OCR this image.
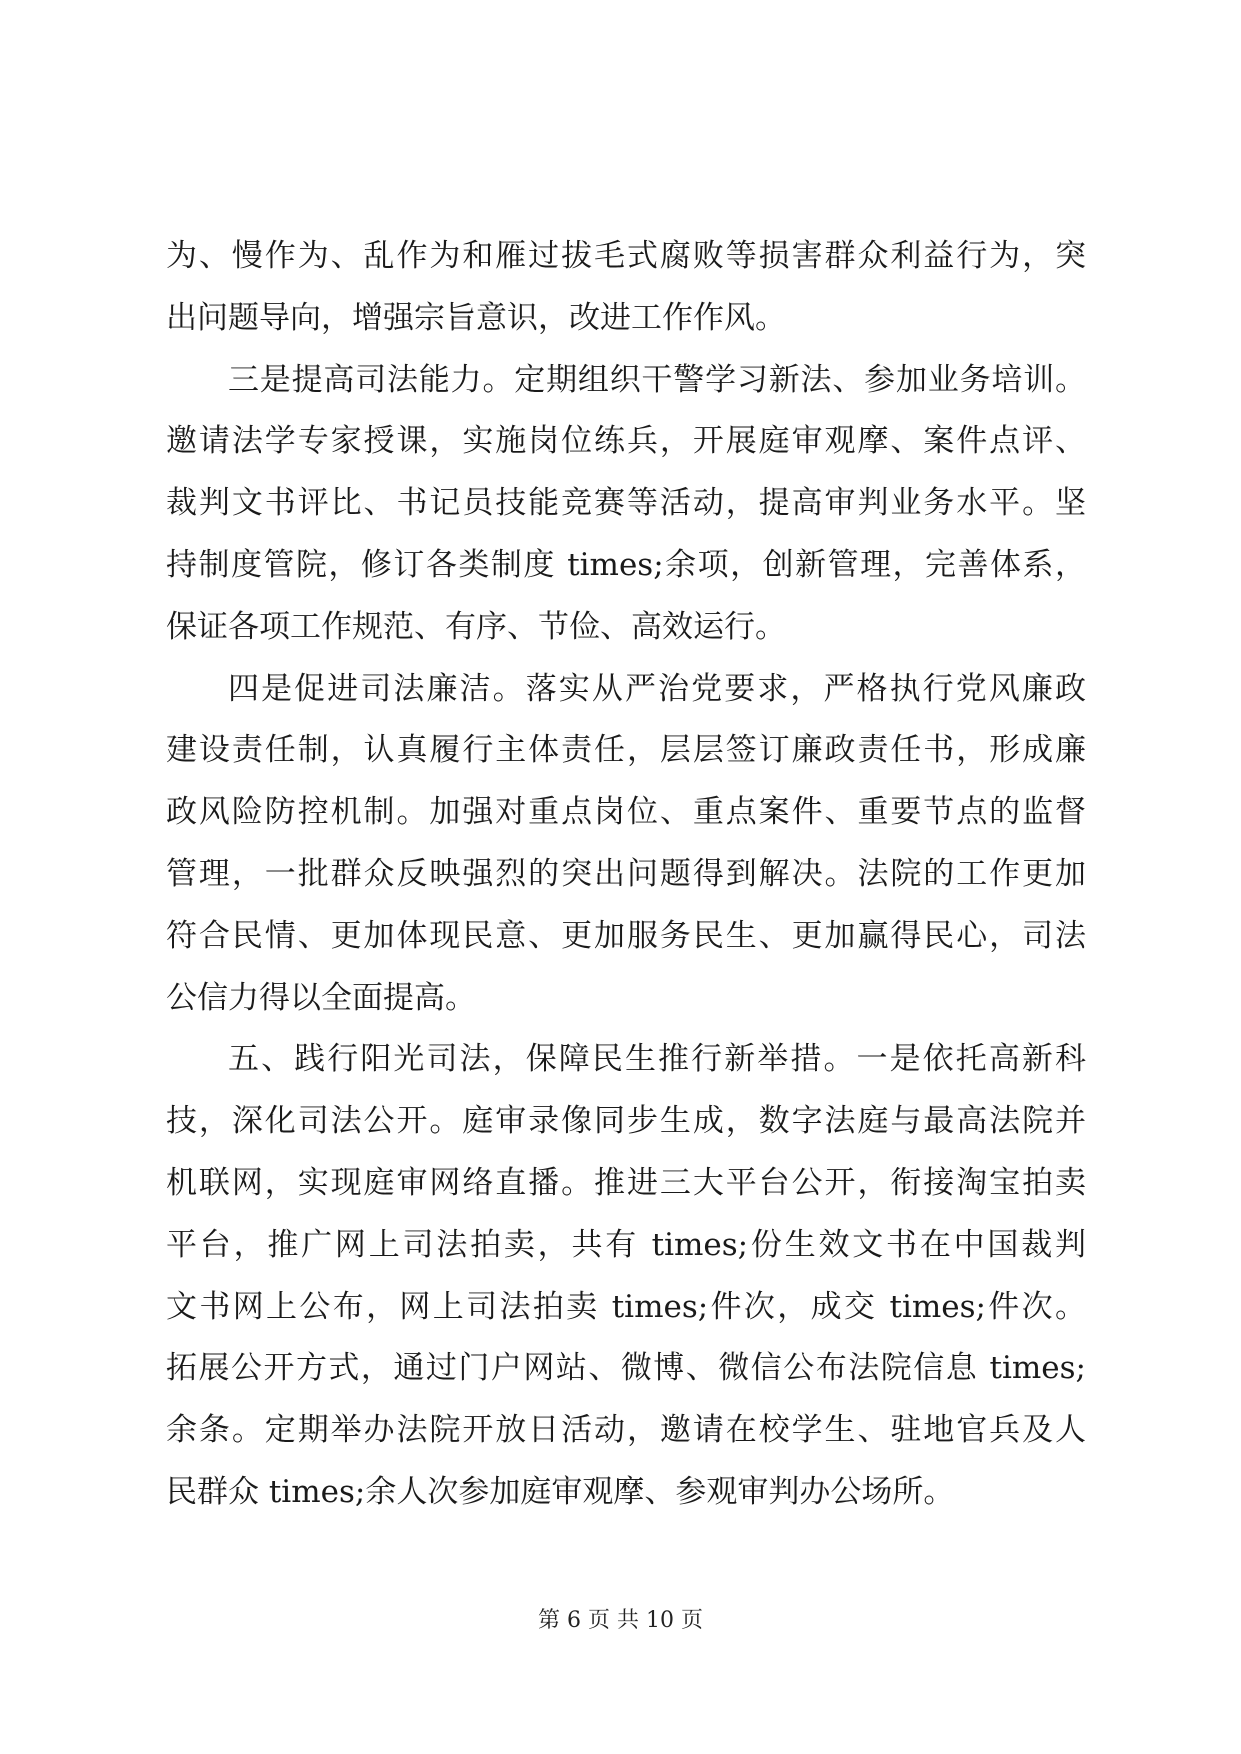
为、慢作为、乱作为和雁过拔毛式腐败等损害群众利益行为，突
出问题导向，增强宗旨意识，改进工作作风。
三是提高司法能力。定期组织干警学习新法、参加业务培训。
邀请法学专家授课，实施岗位练兵，开展庭审观摩、案件点评、
裁判文书评比、书记员技能竞赛等活动，提高审判业务水平。坚
持制度管院，修订各类制度 times;余项，创新管理，完善体系，
保证各项工作规范、有序、节俭、高效运行。
四是促进司法廉洁。落实从严治党要求，严格执行党风廉政
建设责任制，认真履行主体责任，层层签订廉政责任书，形成廉
政风险防控机制。加强对重点岗位、重点案件、重要节点的监督
管理，一批群众反映强烈的突出问题得到解决。法院的工作更加
符合民情、更加体现民意、更加服务民生、更加赢得民心，司法
公信力得以全面提高。
五、践行阳光司法，保障民生推行新举措。一是依托高新科
技，深化司法公开。庭审录像同步生成，数字法庭与最高法院并
机联网，实现庭审网络直播。推进三大平台公开，衔接淘宝拍卖
平台，推广网上司法拍卖，共有 times;份生效文书在中国裁判
文书网上公布，网上司法拍卖 times;件次，成交 times;件次。
拓展公开方式，通过门户网站、微博、微信公布法院信息 times;
余条。定期举办法院开放日活动，邀请在校学生、驻地官兵及人
民群众 times;余人次参加庭审观摩、参观审判办公场所。
第 6 页 共 10 页
